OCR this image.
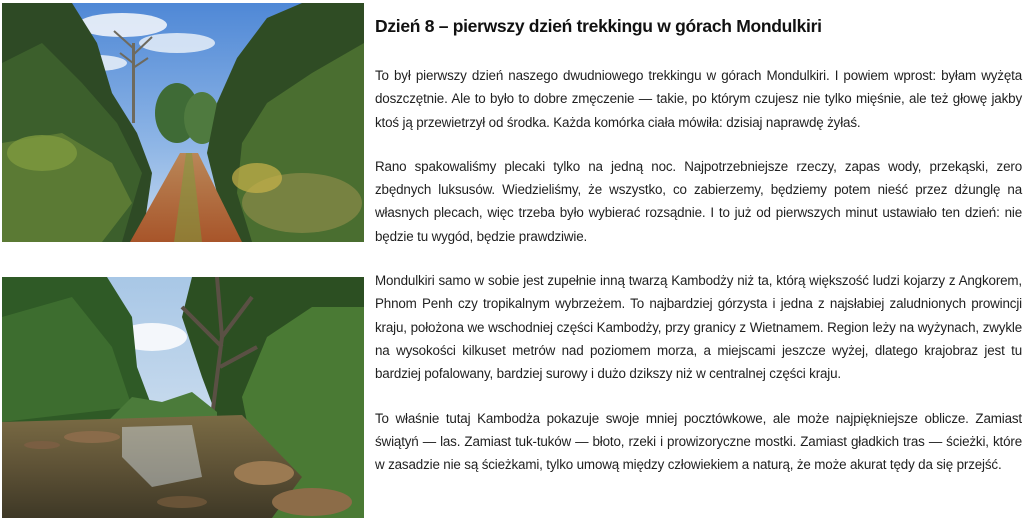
Dzień 8 – pierwszy dzień trekkingu w górach Mondulkiri

To był pierwszy dzień naszego dwudniowego trekkingu w górach Mondulkiri. I powiem wprost: byłam wyżęta doszczętnie. Ale to było to dobre zmęczenie — takie, po którym czujesz nie tylko mięśnie, ale też głowę jakby ktoś ją przewietrzył od środka. Każda komórka ciała mówiła: dzisiaj naprawdę żyłaś.

Rano spakowaliśmy plecaki tylko na jedną noc. Najpotrzebniejsze rzeczy, zapas wody, przekąski, zero zbędnych luksusów. Wiedzieliśmy, że wszystko, co zabierzemy, będziemy potem nieść przez dżunglę na własnych plecach, więc trzeba było wybierać rozsądnie. I to już od pierwszych minut ustawiało ten dzień: nie będzie tu wygód, będzie prawdziwie.

Mondulkiri samo w sobie jest zupełnie inną twarzą Kambodży niż ta, którą większość ludzi kojarzy z Angkorem, Phnom Penh czy tropikalnym wybrzeżem. To najbardziej górzysta i jedna z najsłabiej zaludnionych prowincji kraju, położona we wschodniej części Kambodży, przy granicy z Wietnamem. Region leży na wyżynach, zwykle na wysokości kilkuset metrów nad poziomem morza, a miejscami jeszcze wyżej, dlatego krajobraz jest tu bardziej pofalowany, bardziej surowy i dużo dzikszy niż w centralnej części kraju.

To właśnie tutaj Kambodża pokazuje swoje mniej pocztówkowe, ale może najpiękniejsze oblicze. Zamiast świątyń — las. Zamiast tuk-tuków — błoto, rzeki i prowizoryczne mostki. Zamiast gładkich tras — ścieżki, które w zasadzie nie są ścieżkami, tylko umową między człowiekiem a naturą, że może akurat tędy da się przejść.
